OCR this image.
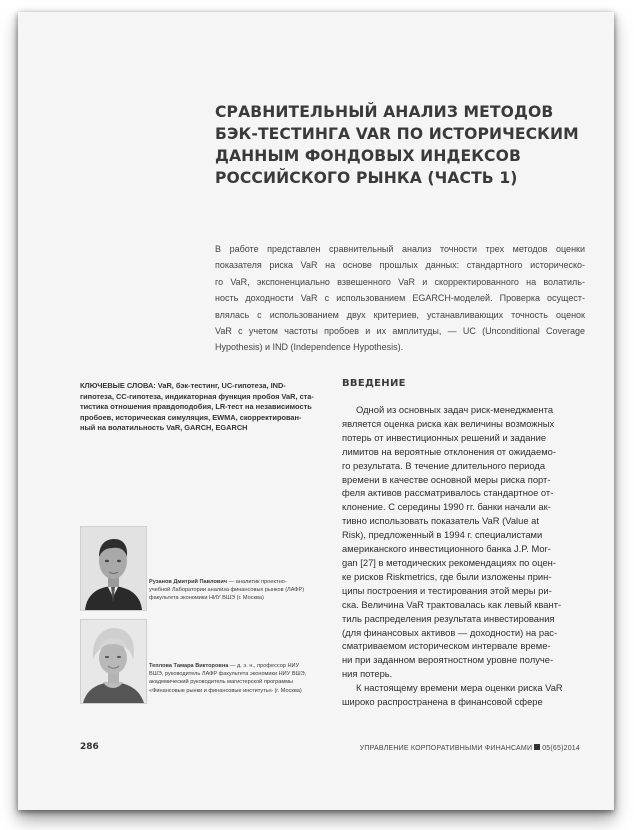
СРАВНИТЕЛЬНЫЙ АНАЛИЗ МЕТОДОВ
БЭК-ТЕСТИНГА VAR ПО ИСТОРИЧЕСКИМ
ДАННЫМ ФОНДОВЫХ ИНДЕКСОВ
РОССИЙСКОГО РЫНКА (ЧАСТЬ 1)
В работе представлен сравнительный анализ точности трех методов оценки
показателя риска VaR на основе прошлых данных: стандартного историческо-
го VaR, экспоненциально взвешенного VaR и скорректированного на волатиль-
ность доходности VaR с использованием EGARCH-моделей. Проверка осущест-
влялась с использованием двух критериев, устанавливающих точность оценок
VaR с учетом частоты пробоев и их амплитуды, — UC (Unconditional Coverage
Hypothesis) и IND (Independence Hypothesis).
КЛЮЧЕВЫЕ СЛОВА: VaR, бэк-тестинг, UC-гипотеза, IND-
гипотеза, CC-гипотеза, индикаторная функция пробоя VaR, ста-
тистика отношения правдоподобия, LR-тест на независимость
пробоев, историческая симуляция, EWMA, скорректирован-
ный на волатильность VaR, GARCH, EGARCH
ВВЕДЕНИЕ
Одной из основных задач риск-менеджмента
является оценка риска как величины возможных
потерь от инвестиционных решений и задание
лимитов на вероятные отклонения от ожидаемо-
го результата. В течение длительного периода
времени в качестве основной меры риска порт-
феля активов рассматривалось стандартное от-
клонение. С середины 1990 гг. банки начали ак-
тивно использовать показатель VaR (Value at
Risk), предложенный в 1994 г. специалистами
американского инвестиционного банка J.P. Mor-
gan [27] в методических рекомендациях по оцен-
ке рисков Riskmetrics, где были изложены прин-
ципы построения и тестирования этой меры ри-
ска. Величина VaR трактовалась как левый квант-
тиль распределения результата инвестирования
(для финансовых активов — доходности) на рас-
сматриваемом историческом интервале време-
ни при заданном вероятностном уровне получе-
ния потерь.
К настоящему времени мера оценки риска VaR
широко распространена в финансовой сфере
Рузанов Дмитрий Павлович — аналитик проектно-
учебной Лаборатории анализа финансовых рынков (ЛАФР)
факультета экономики НИУ ВШЭ (г. Москва)
Теплова Тамара Викторовна — д. э. н., профессор НИУ
ВШЭ, руководитель ЛАФР факультета экономики НИУ ВШЭ,
академический руководитель магистерской программы
«Финансовые рынки и финансовые институты» (г. Москва)
286	УПРАВЛЕНИЕ КОРПОРАТИВНЫМИ ФИНАНСАМИ 05(65)2014
